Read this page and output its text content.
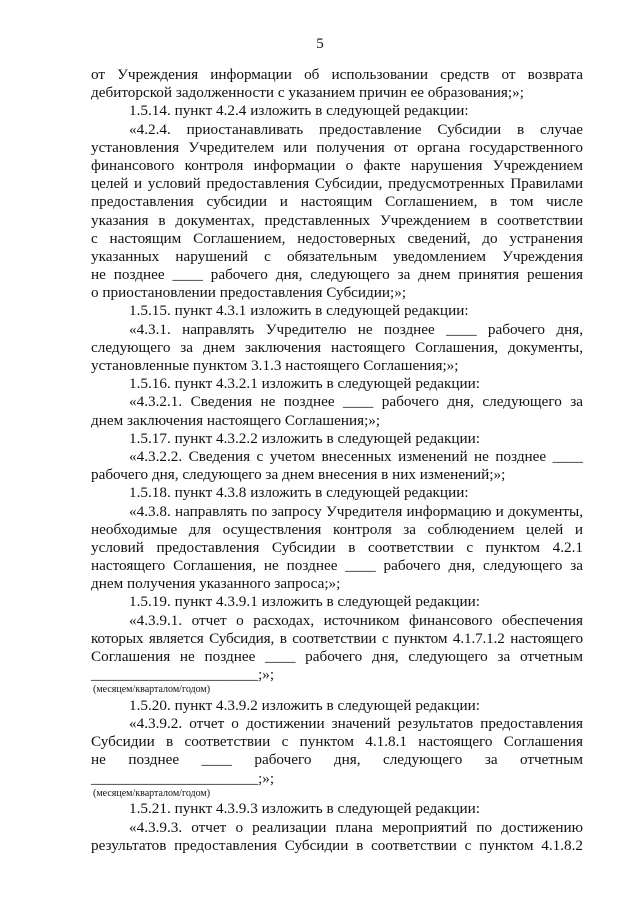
5
от Учреждения информации об использовании средств от возврата
дебиторской задолженности с указанием причин ее образования;»;
1.5.14. пункт 4.2.4 изложить в следующей редакции:
«4.2.4. приостанавливать предоставление Субсидии в случае
установления Учредителем или получения от органа государственного
финансового контроля информации о факте нарушения Учреждением
целей и условий предоставления Субсидии, предусмотренных Правилами
предоставления субсидии и настоящим Соглашением, в том числе
указания в документах, представленных Учреждением в соответствии
с настоящим Соглашением, недостоверных сведений, до устранения
указанных нарушений с обязательным уведомлением Учреждения
не позднее ____ рабочего дня, следующего за днем принятия решения
о приостановлении предоставления Субсидии;»;
1.5.15. пункт 4.3.1 изложить в следующей редакции:
«4.3.1. направлять Учредителю не позднее ____ рабочего дня,
следующего за днем заключения настоящего Соглашения, документы,
установленные пунктом 3.1.3 настоящего Соглашения;»;
1.5.16. пункт 4.3.2.1 изложить в следующей редакции:
«4.3.2.1. Сведения не позднее ____ рабочего дня, следующего за
днем заключения настоящего Соглашения;»;
1.5.17. пункт 4.3.2.2 изложить в следующей редакции:
«4.3.2.2. Сведения с учетом внесенных изменений не позднее ____
рабочего дня, следующего за днем внесения в них изменений;»;
1.5.18. пункт 4.3.8 изложить в следующей редакции:
«4.3.8. направлять по запросу Учредителя информацию и документы,
необходимые для осуществления контроля за соблюдением целей и
условий предоставления Субсидии в соответствии с пунктом 4.2.1
настоящего Соглашения, не позднее ____ рабочего дня, следующего за
днем получения указанного запроса;»;
1.5.19. пункт 4.3.9.1 изложить в следующей редакции:
«4.3.9.1. отчет о расходах, источником финансового обеспечения
которых является Субсидия, в соответствии с пунктом 4.1.7.1.2 настоящего
Соглашения не позднее ____ рабочего дня, следующего за отчетным
______________________;»;
(месяцем/кварталом/годом)
1.5.20. пункт 4.3.9.2 изложить в следующей редакции:
«4.3.9.2. отчет о достижении значений результатов предоставления
Субсидии в соответствии с пунктом 4.1.8.1 настоящего Соглашения
не позднее ____ рабочего дня, следующего за отчетным
______________________;»;
(месяцем/кварталом/годом)
1.5.21. пункт 4.3.9.3 изложить в следующей редакции:
«4.3.9.3. отчет о реализации плана мероприятий по достижению
результатов предоставления Субсидии в соответствии с пунктом 4.1.8.2
